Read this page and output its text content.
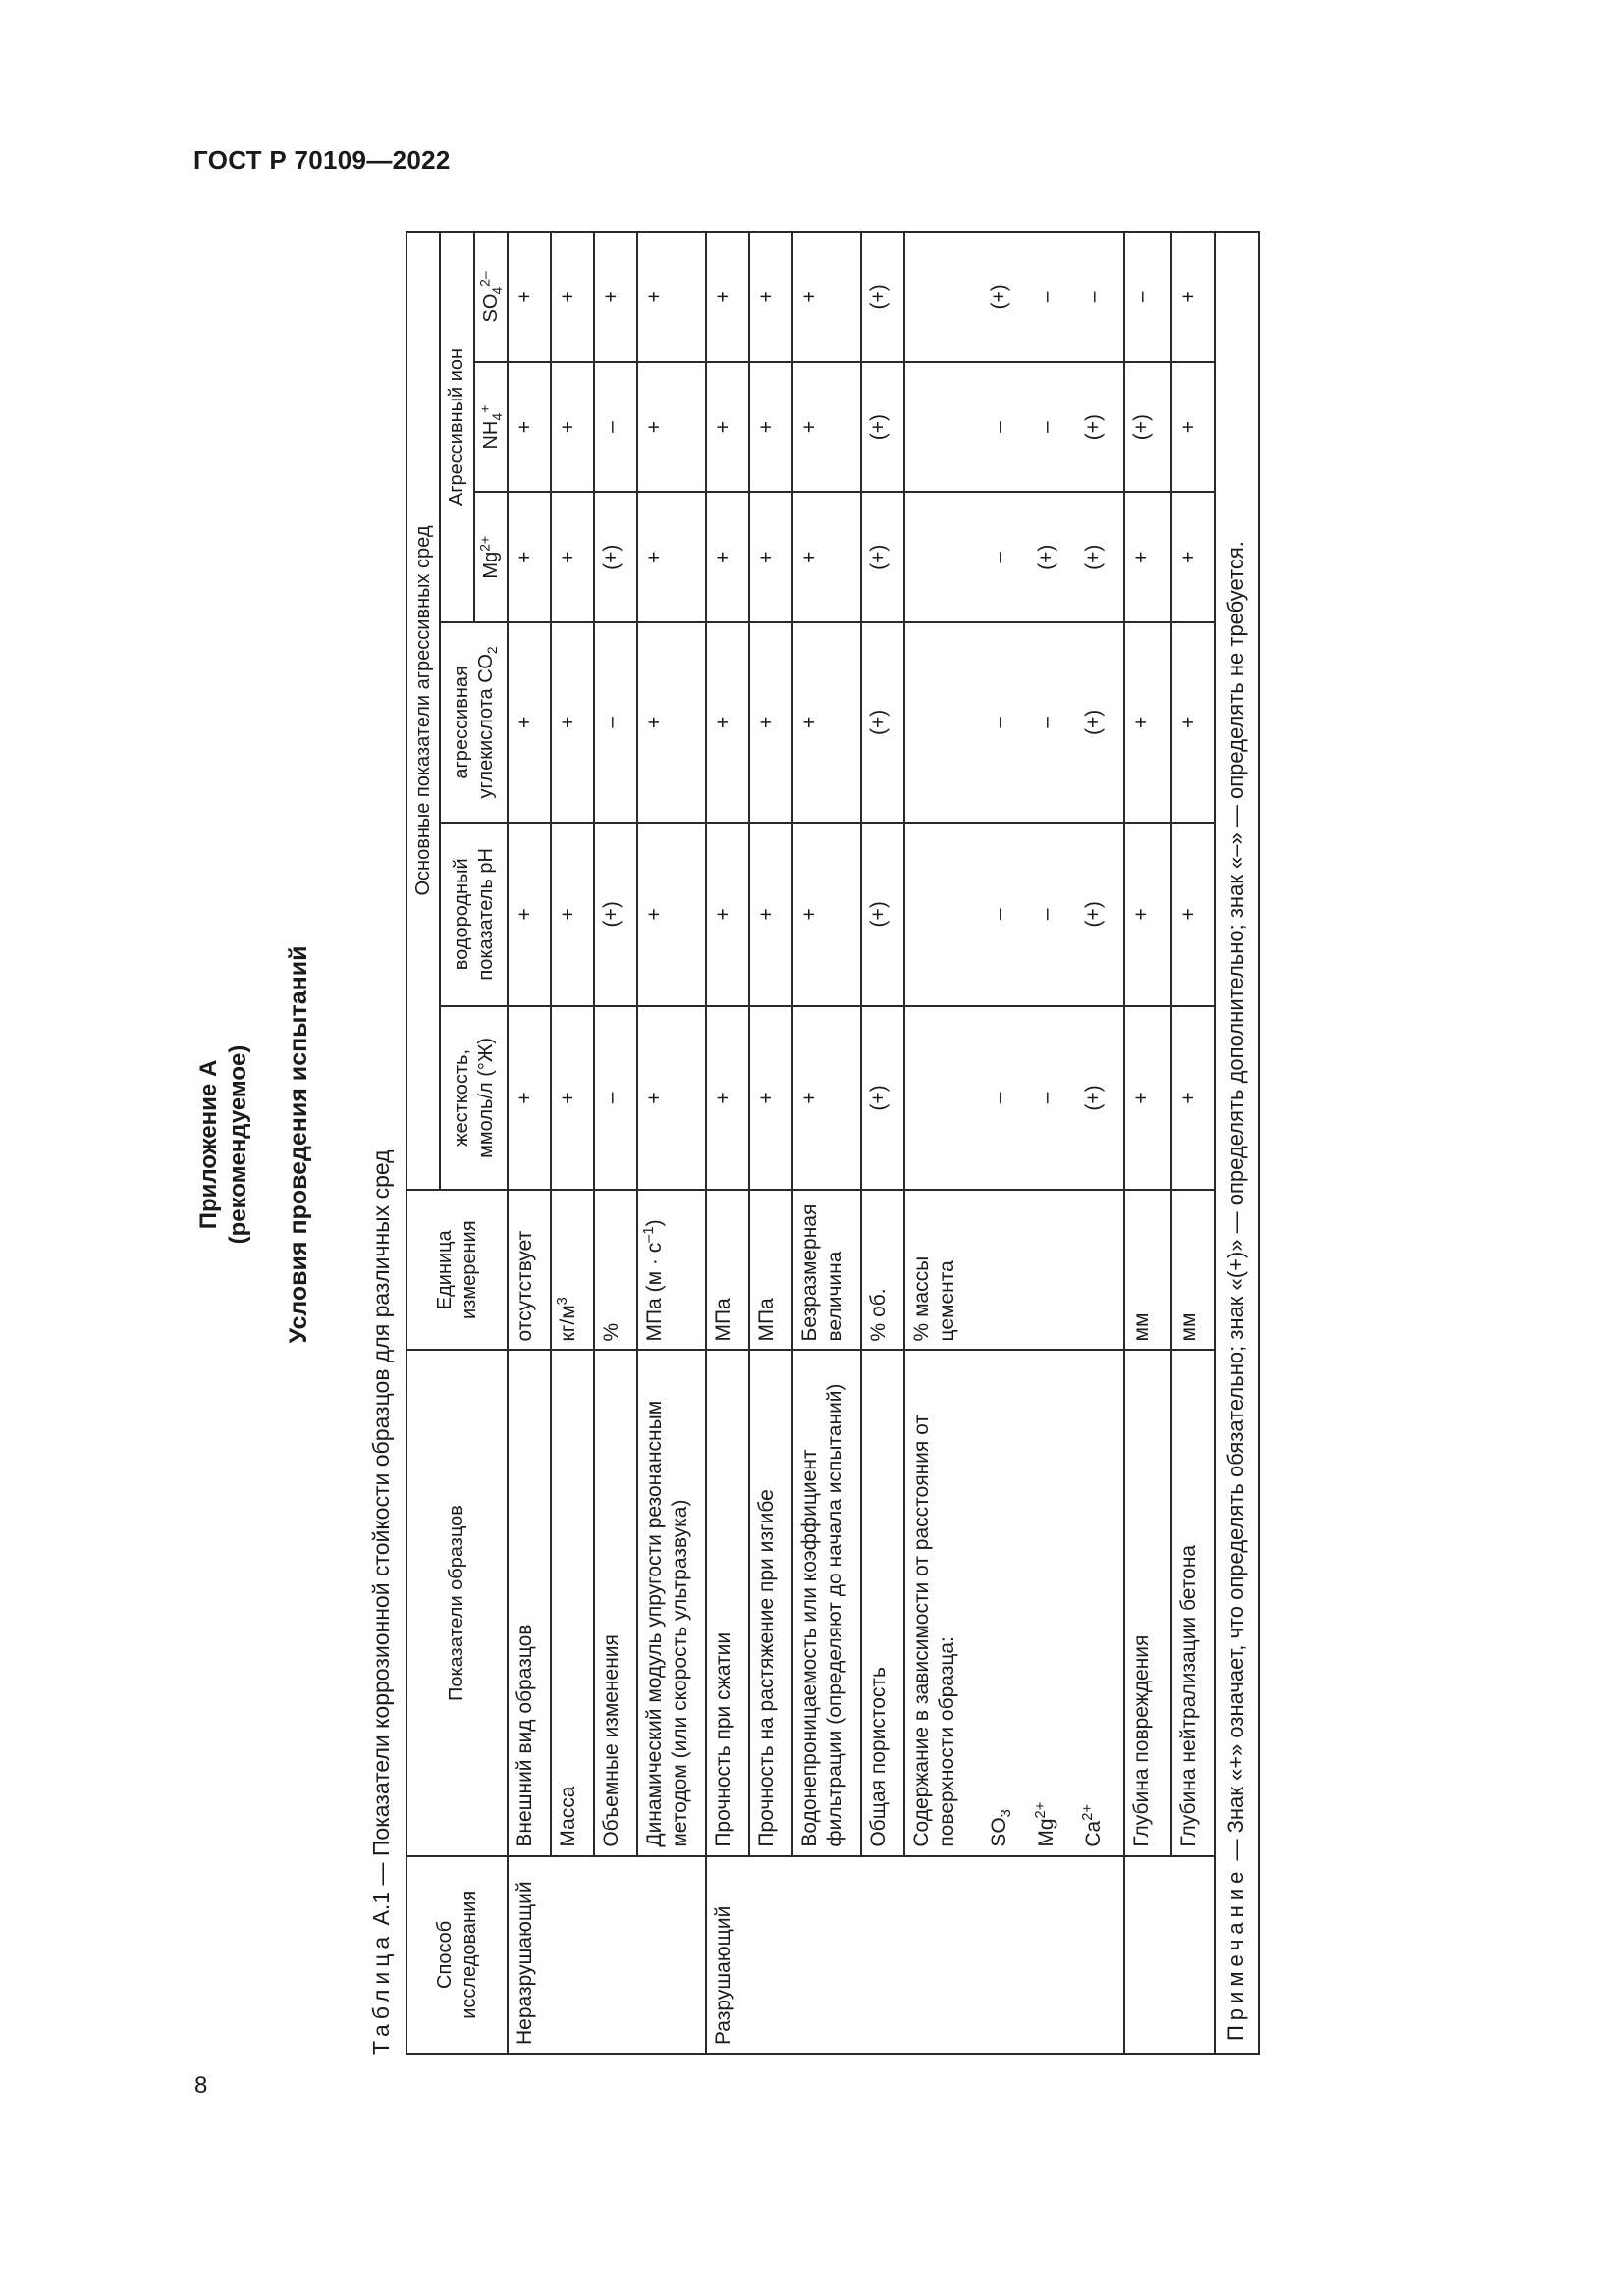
ГОСТ Р 70109—2022
Приложение А (рекомендуемое) Условия проведения испытаний
Таблица А.1 — Показатели коррозионной стойкости образцов для различных сред
Способ исследования	Показатели образцов	Единица измерения	Основные показатели агрессивных сред					
			жесткость, ммоль/л (°Ж)	водородный показатель pH	агрессивная углекислота $СО_2$	Агрессивный ион		
						$Mg^{2+}$	$NH_4^+$	$SO_4^{2-}$
Неразрушающий	Внешний вид образцов	отсутствует	+	+	+	+	+	+
	Масса	$кг/м^3$	+	+	+	+	+	+
	Объемные изменения	%	–	(+)	–	(+)	–	+
	Динамический модуль упругости резонансным методом (или скорость ультразвука)	МПа $(м \cdot с^{-1})$	+	+	+	+	+	+
Разрушающий	Прочность при сжатии	МПа	+	+	+	+	+	+
	Прочность на растяжение при изгибе	МПа	+	+	+	+	+	+
	Водонепроницаемость или коэффициент фильтрации (определяют до начала испытаний)	Безразмерная величина	+	+	+	+	+	+
	Общая пористость	% об.	(+)	(+)	(+)	(+)	(+)	(+)
	Содержание в зависимости от расстояния от поверхности образца:	% массы цемента						
	$SO_3$		–	–	–	–	–	(+)
	$Mg^{2+}$		–	–	–	(+)	–	–
	$Ca^{2+}$		(+)	(+)	(+)	(+)	(+)	–
	Глубина повреждения	мм	+	+	+	+	(+)	–
	Глубина нейтрализации бетона	мм	+	+	+	+	+	+
Примечание — Знак «+» означает, что определять обязательно; знак «(+)» — определять дополнительно; знак «–» — определять не требуется.								
8
